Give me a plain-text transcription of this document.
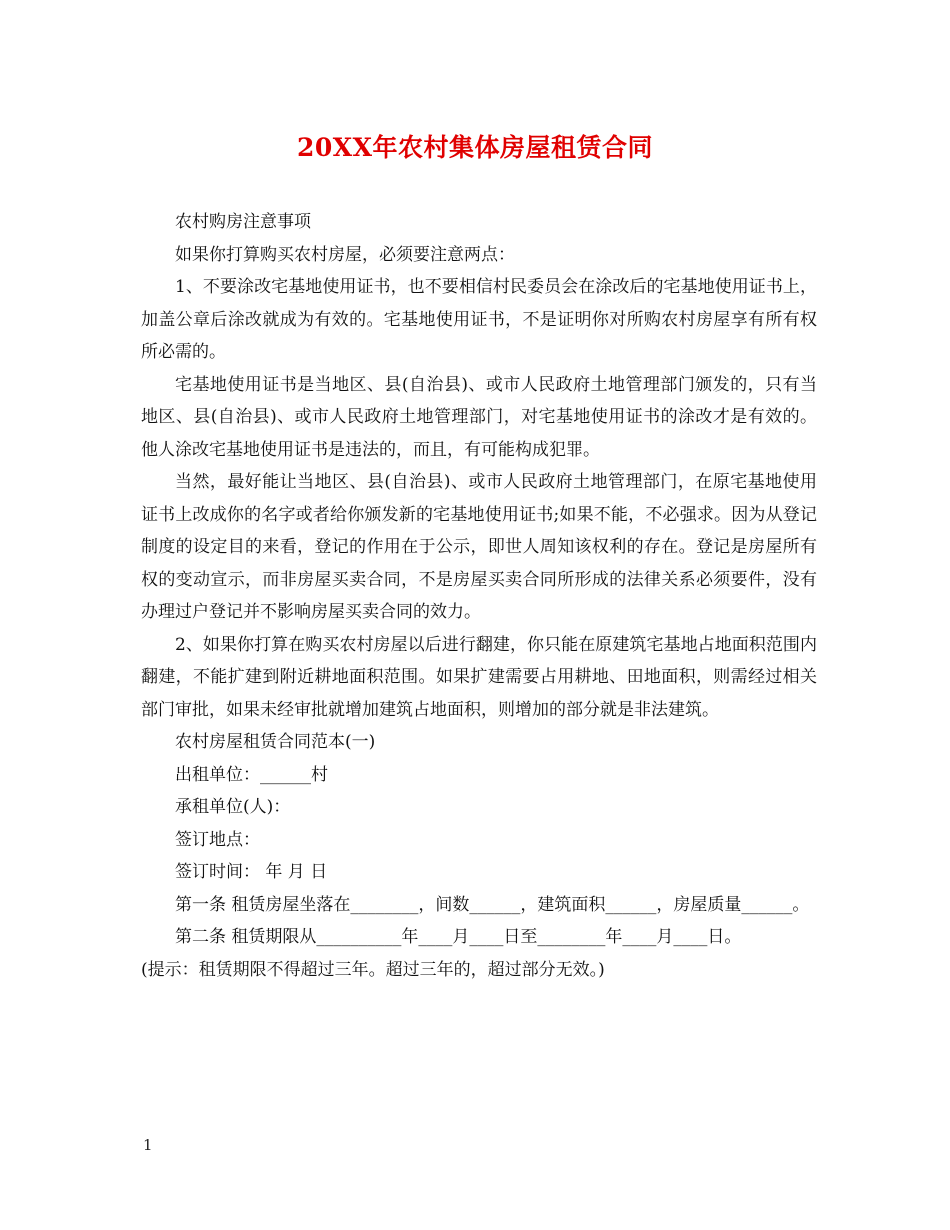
20XX年农村集体房屋租赁合同

农村购房注意事项

如果你打算购买农村房屋，必须要注意两点：

1、不要涂改宅基地使用证书，也不要相信村民委员会在涂改后的宅基地使用证书上，加盖公章后涂改就成为有效的。宅基地使用证书，不是证明你对所购农村房屋享有所有权所必需的。

宅基地使用证书是当地区、县(自治县)、或市人民政府土地管理部门颁发的，只有当地区、县(自治县)、或市人民政府土地管理部门，对宅基地使用证书的涂改才是有效的。他人涂改宅基地使用证书是违法的，而且，有可能构成犯罪。

当然，最好能让当地区、县(自治县)、或市人民政府土地管理部门，在原宅基地使用证书上改成你的名字或者给你颁发新的宅基地使用证书;如果不能，不必强求。因为从登记制度的设定目的来看，登记的作用在于公示，即世人周知该权利的存在。登记是房屋所有权的变动宣示，而非房屋买卖合同，不是房屋买卖合同所形成的法律关系必须要件，没有办理过户登记并不影响房屋买卖合同的效力。

2、如果你打算在购买农村房屋以后进行翻建，你只能在原建筑宅基地占地面积范围内翻建，不能扩建到附近耕地面积范围。如果扩建需要占用耕地、田地面积，则需经过相关部门审批，如果未经审批就增加建筑占地面积，则增加的部分就是非法建筑。

农村房屋租赁合同范本(一)

出租单位：______村

承租单位(人)：

签订地点：

签订时间： 年 月 日

第一条 租赁房屋坐落在________，间数______，建筑面积______，房屋质量______。

第二条 租赁期限从__________年____月____日至________年____月____日。

(提示：租赁期限不得超过三年。超过三年的，超过部分无效。)

1
